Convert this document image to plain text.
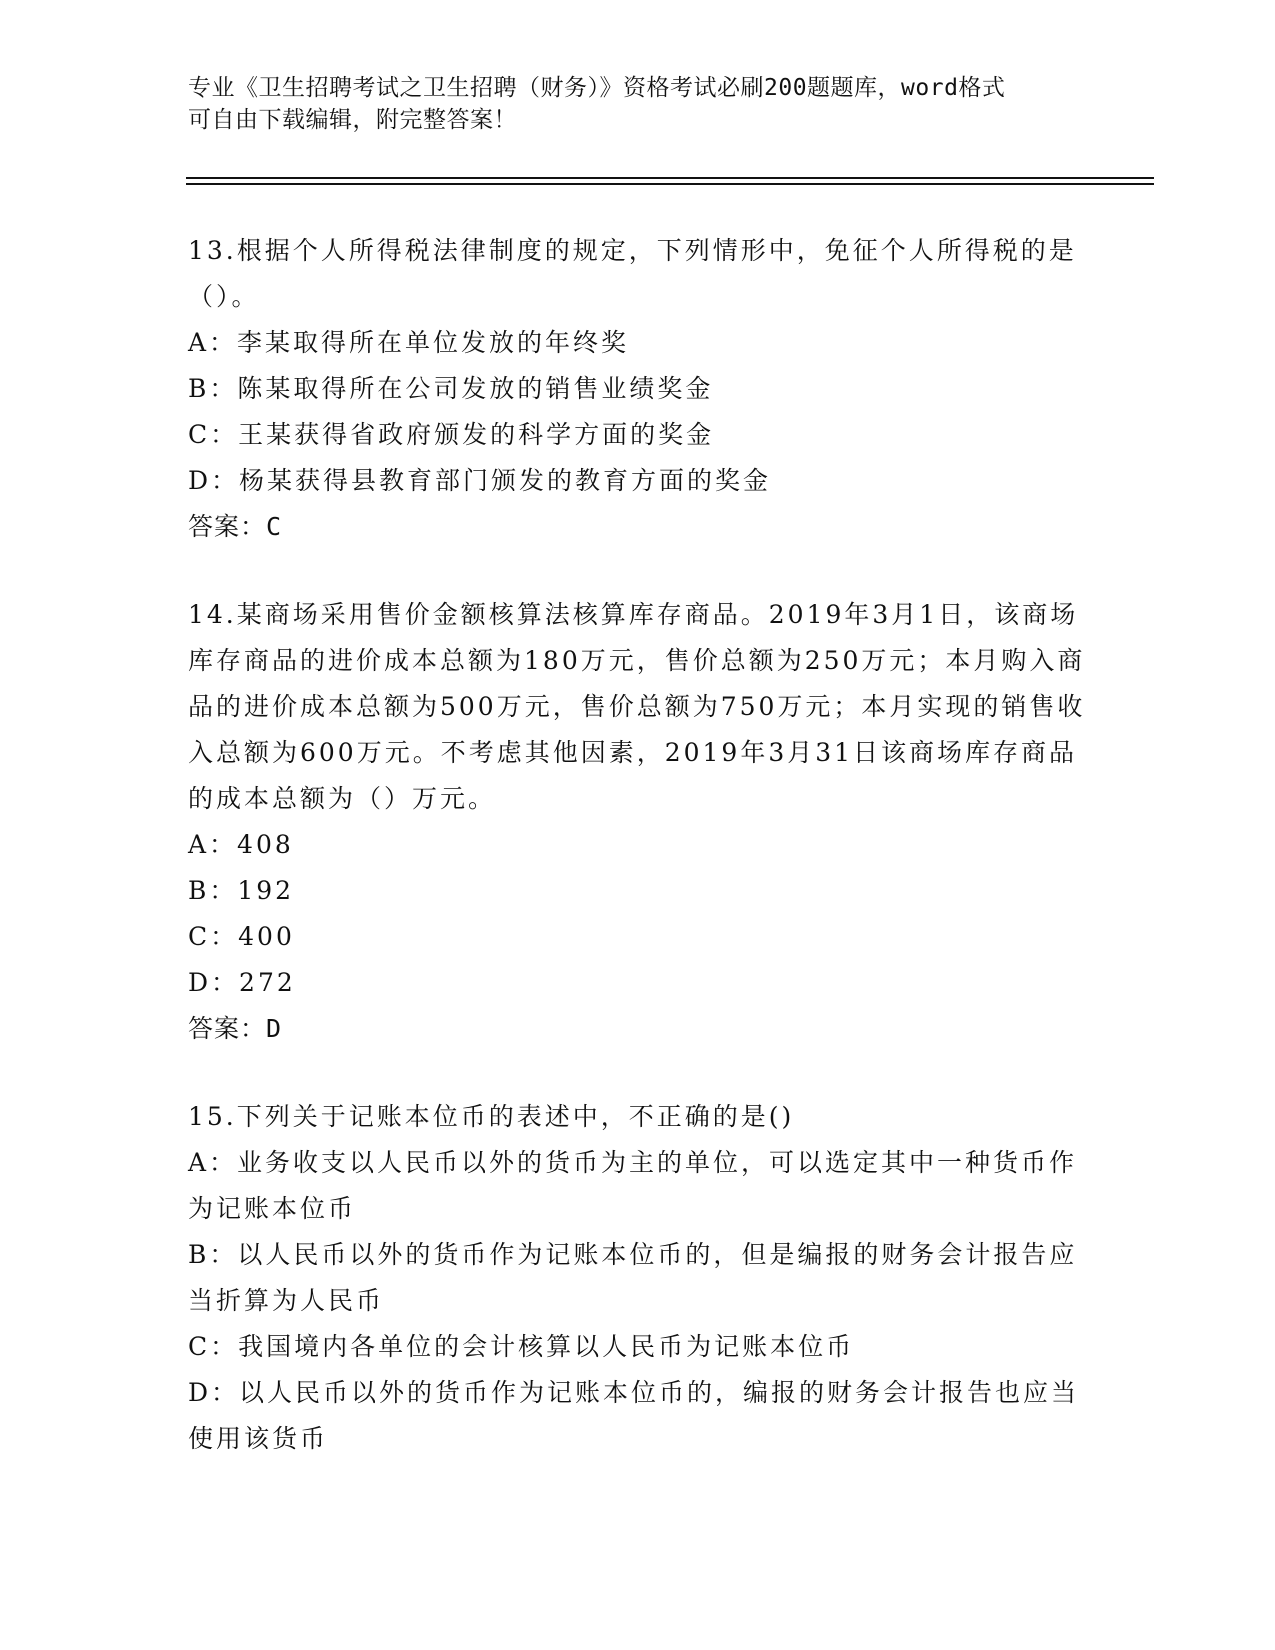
专业《卫生招聘考试之卫生招聘（财务）》资格考试必刷200题题库，word格式
可自由下载编辑，附完整答案！
13.根据个人所得税法律制度的规定，下列情形中，免征个人所得税的是（）。
A：李某取得所在单位发放的年终奖
B：陈某取得所在公司发放的销售业绩奖金
C：王某获得省政府颁发的科学方面的奖金
D：杨某获得县教育部门颁发的教育方面的奖金
答案：C
14.某商场采用售价金额核算法核算库存商品。2019年3月1日，该商场库存商品的进价成本总额为180万元，售价总额为250万元；本月购入商品的进价成本总额为500万元，售价总额为750万元；本月实现的销售收入总额为600万元。不考虑其他因素，2019年3月31日该商场库存商品的成本总额为（）万元。
A：408
B：192
C：400
D：272
答案：D
15.下列关于记账本位币的表述中，不正确的是()
A：业务收支以人民币以外的货币为主的单位，可以选定其中一种货币作为记账本位币
B：以人民币以外的货币作为记账本位币的，但是编报的财务会计报告应当折算为人民币
C：我国境内各单位的会计核算以人民币为记账本位币
D：以人民币以外的货币作为记账本位币的，编报的财务会计报告也应当使用该货币
